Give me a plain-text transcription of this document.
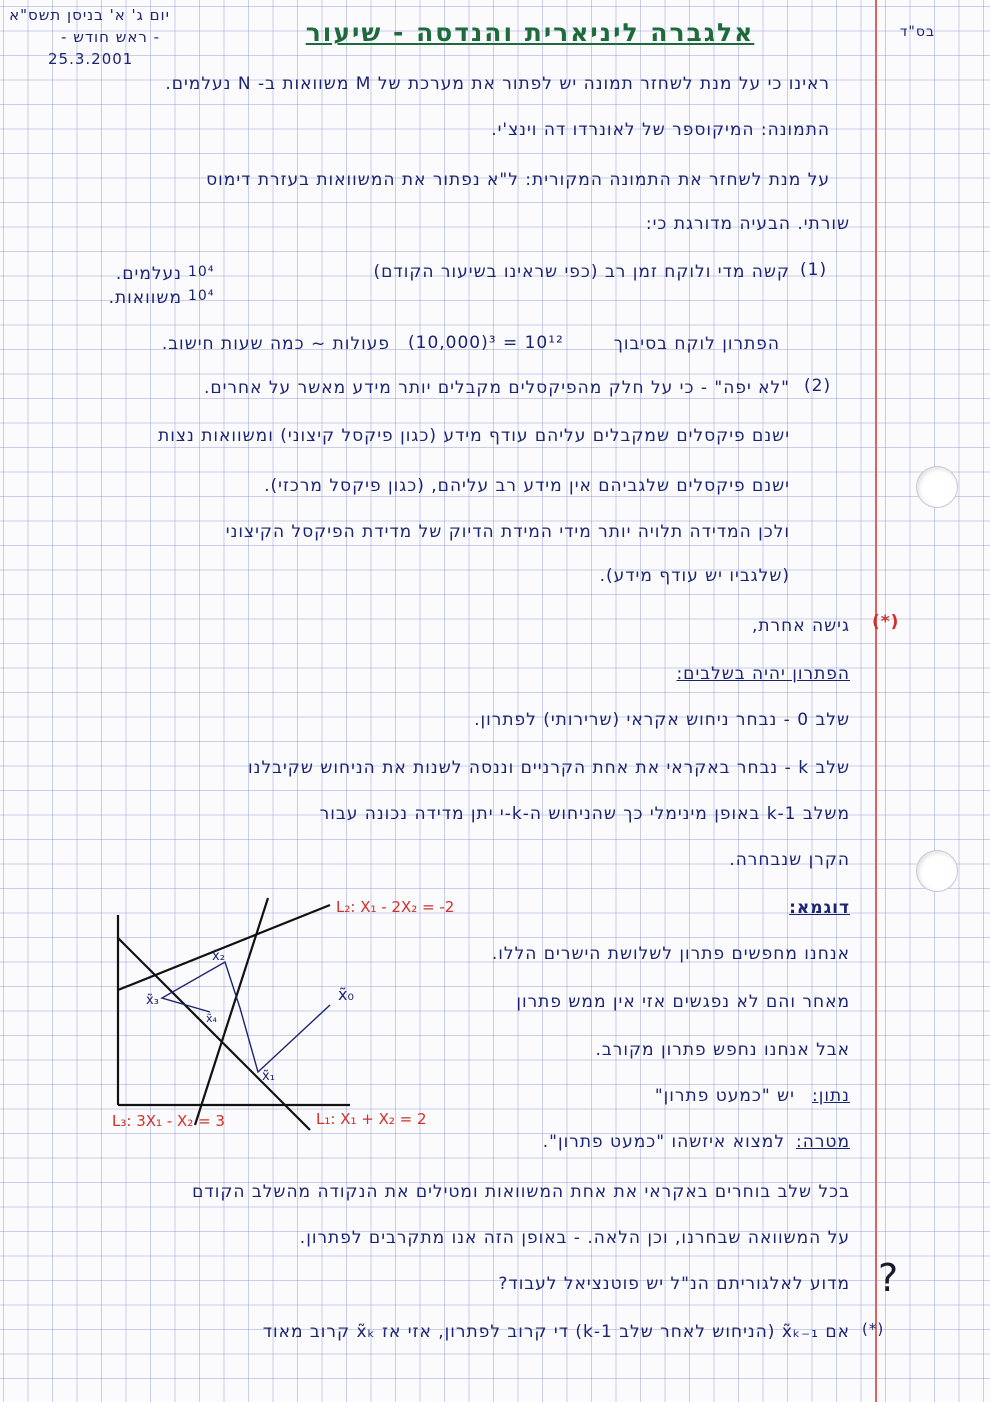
יום ג' א' בניסן תשס"א
- ראש חודש -
25.3.2001
בס"ד
אלגברה ליניארית והנדסה - שיעור
ראינו כי על מנת לשחזר תמונה יש לפתור את מערכת של M משוואות ב- N נעלמים.
התמונה: המיקוספר של לאונרדו דה וינצ'י.
על מנת לשחזר את התמונה המקורית: ל"א נפתור את המשוואות בעזרת דימוס
שורתי. הבעיה מדורגת כי:
(1)
קשה מדי ולוקח זמן רב (כפי שראינו בשיעור הקודם)
10⁴
נעלמים.
10⁴
משוואות.
הפתרון לוקח בסיבוך
(10,000)³ = 10¹²
פעולות ~ כמה שעות חישוב.
(2)
"לא יפה" - כי על חלק מהפיקסלים מקבלים יותר מידע מאשר על אחרים.
ישנם פיקסלים שמקבלים עליהם עודף מידע (כגון פיקסל קיצוני) ומשוואות נצות
ישנם פיקסלים שלגביהם אין מידע רב עליהם, (כגון פיקסל מרכזי).
ולכן המדידה תלויה יותר מידי המידת הדיוק של מדידת הפיקסל הקיצוני
(שלגביו יש עודף מידע).
(*)
גישה אחרת,
הפתרון יהיה בשלבים:
שלב 0 - נבחר ניחוש אקראי (שרירותי) לפתרון.
שלב k - נבחר באקראי את אחת הקרניים וננסה לשנות את הניחוש שקיבלנו
משלב k-1 באופן מינימלי כך שהניחוש ה-k-י יתן מדידה נכונה עבור
הקרן שנבחרה.
דוגמא:
אנחנו מחפשים פתרון לשלושת הישרים הללו.
מאחר והם לא נפגשים אזי אין ממש פתרון
אבל אנחנו נחפש פתרון מקורב.
נתון:
יש "כמעט פתרון"
מטרה:
למצוא איזשהו "כמעט פתרון".
בכל שלב בוחרים באקראי את אחת המשוואות ומטילים את הנקודה מהשלב הקודם
על המשוואה שבחרנו, וכן הלאה. - באופן הזה אנו מתקרבים לפתרון.
מדוע לאלגוריתם הנ"ל יש פוטנציאל לעבוד? ?
(*)
אם x̃ₖ₋₁ (הניחוש לאחר שלב k-1) די קרוב לפתרון, אזי אז x̃ₖ קרוב מאוד
L₂: X₁ - 2X₂ = -2
L₃: 3X₁ - X₂ = 3	L₁: X₁ + X₂ = 2
x̃₀
x̃₁
x̃₂
x̃₃
x̃₄
